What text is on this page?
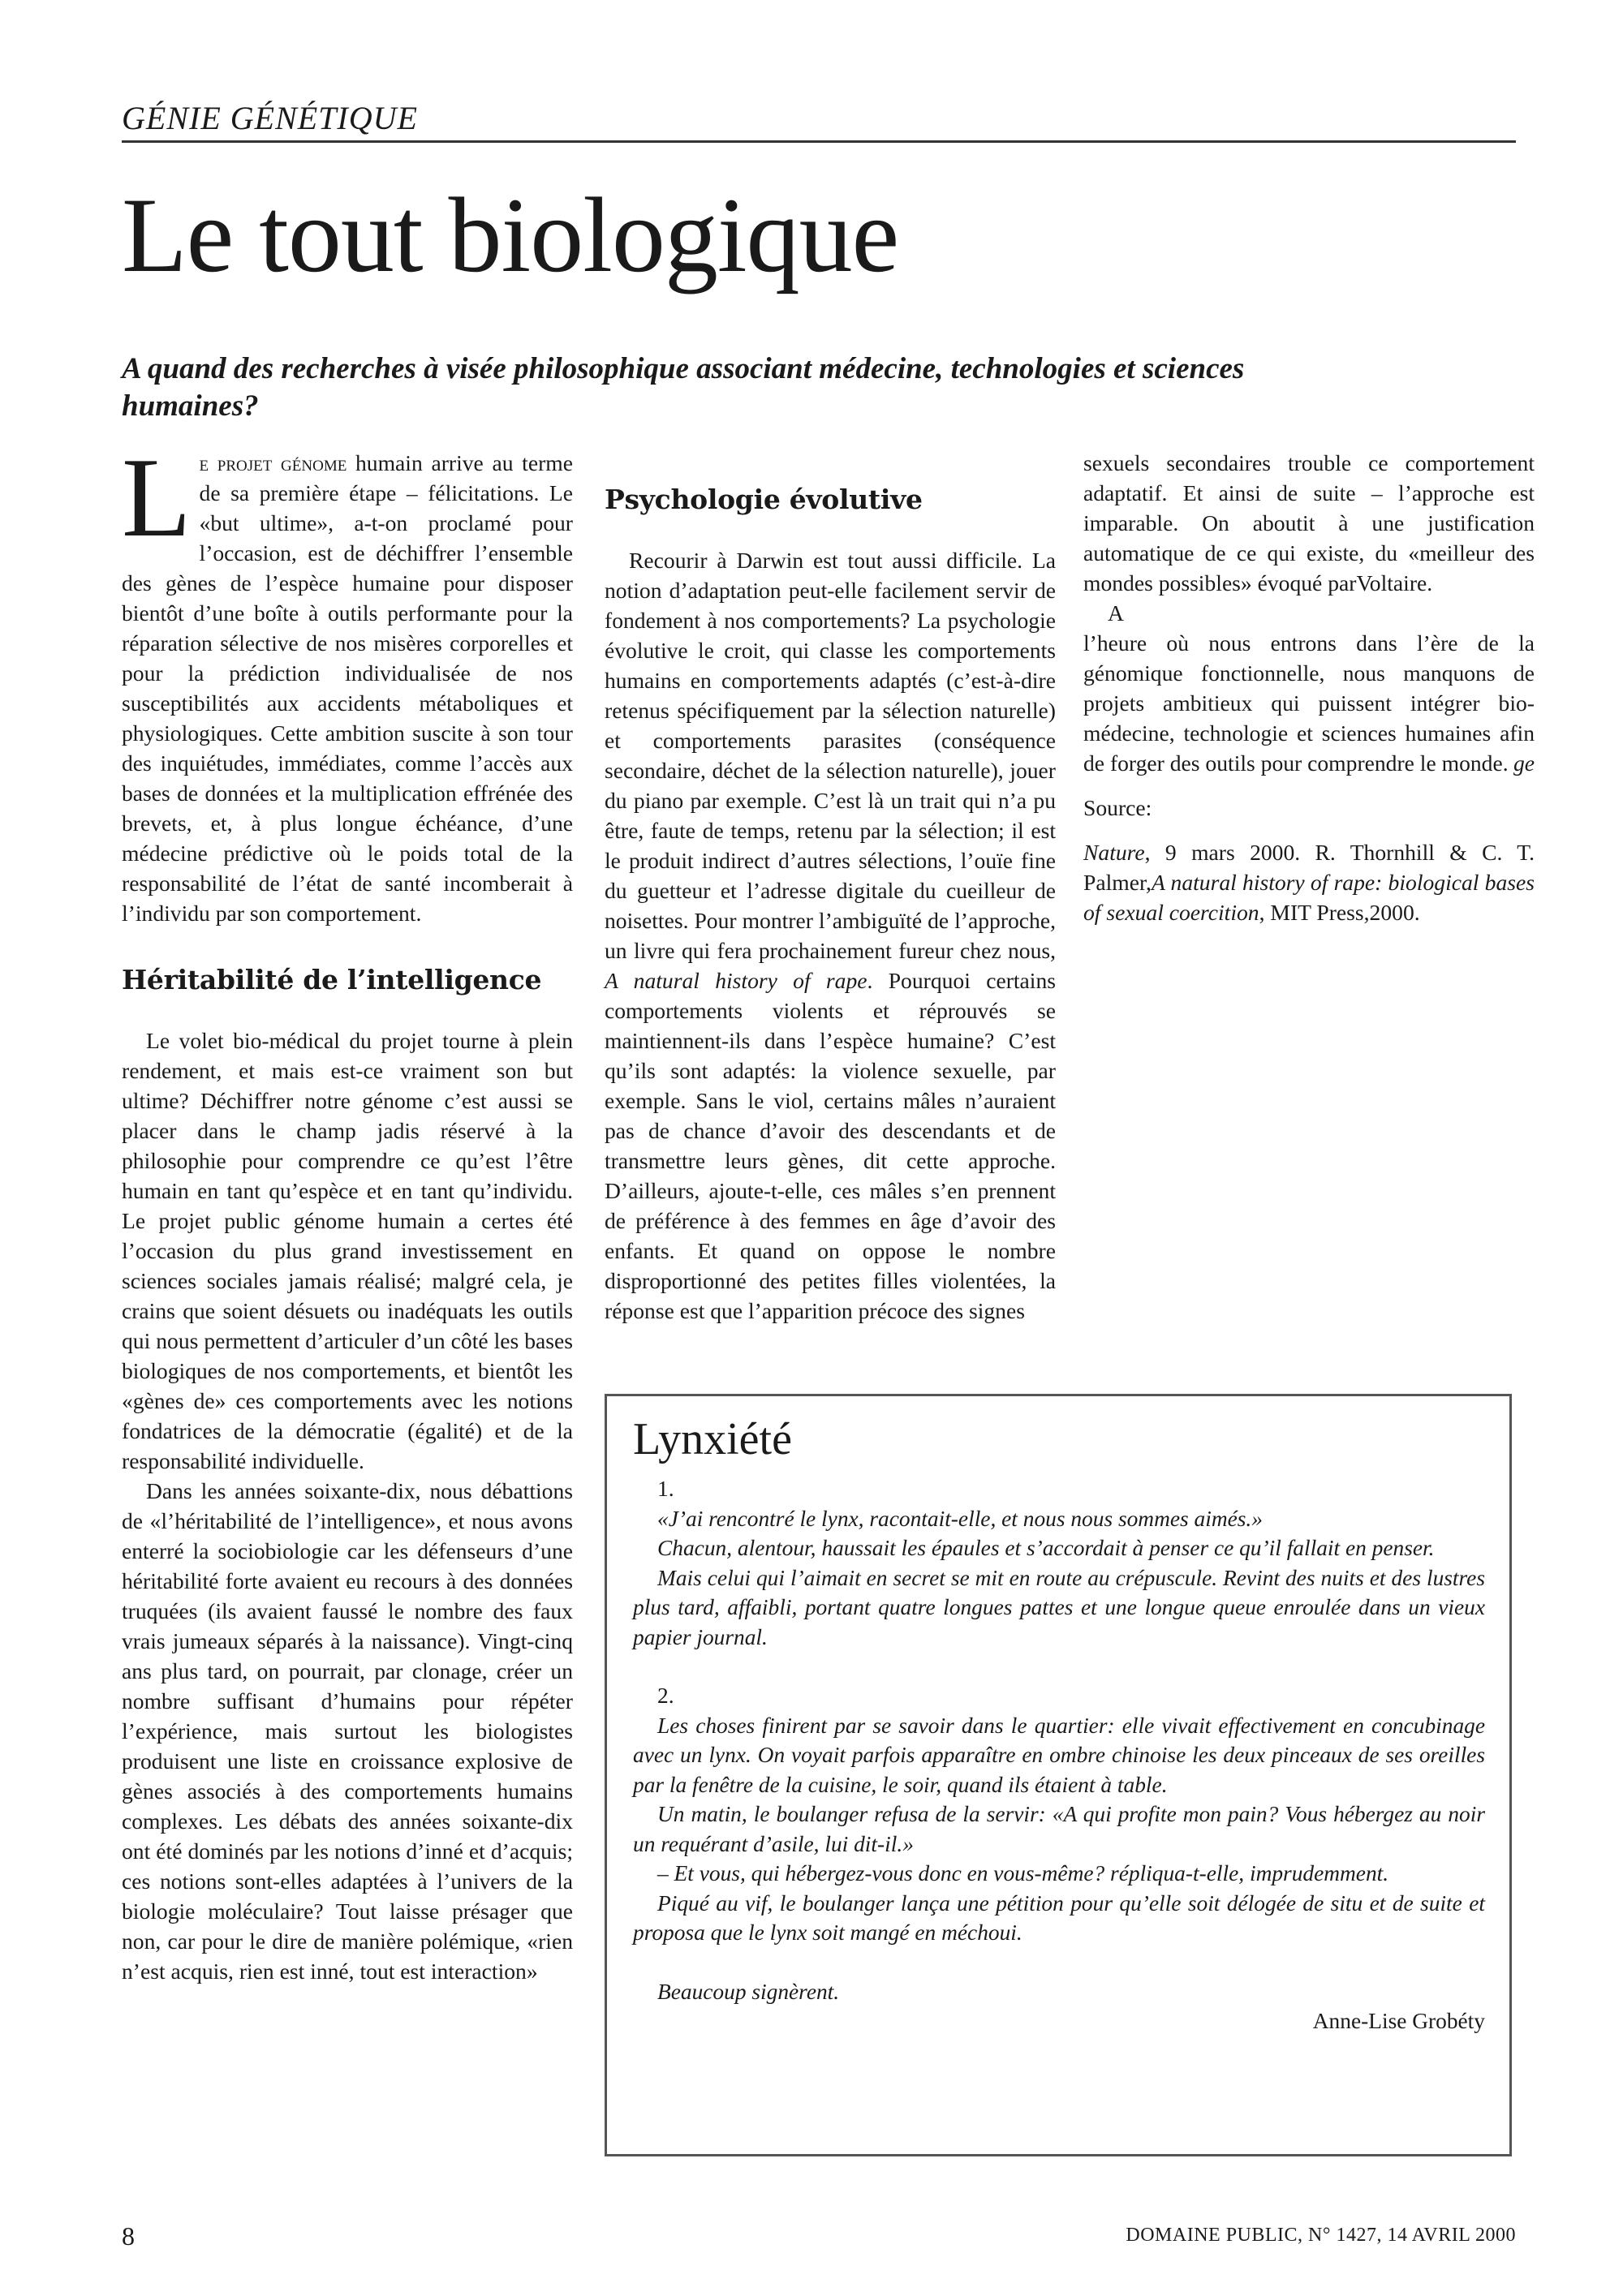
GÉNIE GÉNÉTIQUE
Le tout biologique
A quand des recherches à visée philosophique associant médecine, technologies et sciences humaines?

Le projet génome humain arrive au terme de sa première étape – félicitations. Le «but ultime», a-t-on proclamé pour l’occasion, est de déchiffrer l’ensemble des gènes de l’espèce humaine pour disposer bientôt d’une boîte à outils performante pour la réparation sélective de nos misères corporelles et pour la prédiction individualisée de nos susceptibilités aux accidents métaboliques et physiologiques. Cette ambition suscite à son tour des inquiétudes, immédiates, comme l’accès aux bases de données et la multiplication effrénée des brevets, et, à plus longue échéance, d’une médecine prédictive où le poids total de la responsabilité de l’état de santé incomberait à l’individu par son comportement.

Héritabilité de l’intelligence

Le volet bio-médical du projet tourne à plein rendement, et mais est-ce vraiment son but ultime? Déchiffrer notre génome c’est aussi se placer dans le champ jadis réservé à la philosophie pour comprendre ce qu’est l’être humain en tant qu’espèce et en tant qu’individu. Le projet public génome humain a certes été l’occasion du plus grand investissement en sciences sociales jamais réalisé; malgré cela, je crains que soient désuets ou inadéquats les outils qui nous permettent d’articuler d’un côté les bases biologiques de nos comportements, et bientôt les «gènes de» ces comportements avec les notions fondatrices de la démocratie (égalité) et de la responsabilité individuelle.

Dans les années soixante-dix, nous débattions de «l’héritabilité de l’intelligence», et nous avons enterré la sociobiologie car les défenseurs d’une héritabilité forte avaient eu recours à des données truquées (ils avaient faussé le nombre des faux vrais jumeaux séparés à la naissance). Vingt-cinq ans plus tard, on pourrait, par clonage, créer un nombre suffisant d’humains pour répéter l’expérience, mais surtout les biologistes produisent une liste en croissance explosive de gènes associés à des comportements humains complexes. Les débats des années soixante-dix ont été dominés par les notions d’inné et d’acquis; ces notions sont-elles adaptées à l’univers de la biologie moléculaire? Tout laisse présager que non, car pour le dire de manière polémique, «rien n’est acquis, rien est inné, tout est interaction»

Psychologie évolutive

Recourir à Darwin est tout aussi difficile. La notion d’adaptation peut-elle facilement servir de fondement à nos comportements? La psychologie évolutive le croit, qui classe les comportements humains en comportements adaptés (c’est-à-dire retenus spécifiquement par la sélection naturelle) et comportements parasites (conséquence secondaire, déchet de la sélection naturelle), jouer du piano par exemple. C’est là un trait qui n’a pu être, faute de temps, retenu par la sélection; il est le produit indirect d’autres sélections, l’ouïe fine du guetteur et l’adresse digitale du cueilleur de noisettes. Pour montrer l’ambiguïté de l’approche, un livre qui fera prochainement fureur chez nous, A natural history of rape. Pourquoi certains comportements violents et réprouvés se maintiennent-ils dans l’espèce humaine? C’est qu’ils sont adaptés: la violence sexuelle, par exemple. Sans le viol, certains mâles n’auraient pas de chance d’avoir des descendants et de transmettre leurs gènes, dit cette approche. D’ailleurs, ajoute-t-elle, ces mâles s’en prennent de préférence à des femmes en âge d’avoir des enfants. Et quand on oppose le nombre disproportionné des petites filles violentées, la réponse est que l’apparition précoce des signes

sexuels secondaires trouble ce comportement adaptatif. Et ainsi de suite – l’approche est imparable. On aboutit à une justification automatique de ce qui existe, du «meilleur des mondes possibles» évoqué parVoltaire.

A

l’heure où nous entrons dans l’ère de la génomique fonctionnelle, nous manquons de projets ambitieux qui puissent intégrer bio-médecine, technologie et sciences humaines afin de forger des outils pour comprendre le monde. ge

Source:

Nature, 9 mars 2000. R. Thornhill & C. T. Palmer,A natural history of rape: biological bases of sexual coercition, MIT Press,2000.

Lynxiété

1.

«J’ai rencontré le lynx, racontait-elle, et nous nous sommes aimés.»

Chacun, alentour, haussait les épaules et s’accordait à penser ce qu’il fallait en penser.

Mais celui qui l’aimait en secret se mit en route au crépuscule. Revint des nuits et des lustres plus tard, affaibli, portant quatre longues pattes et une longue queue enroulée dans un vieux papier journal.

2.

Les choses finirent par se savoir dans le quartier: elle vivait effectivement en concubinage avec un lynx. On voyait parfois apparaître en ombre chinoise les deux pinceaux de ses oreilles par la fenêtre de la cuisine, le soir, quand ils étaient à table.

Un matin, le boulanger refusa de la servir: «A qui profite mon pain? Vous hébergez au noir un requérant d’asile, lui dit-il.»

– Et vous, qui hébergez-vous donc en vous-même? répliqua-t-elle, imprudemment.

Piqué au vif, le boulanger lança une pétition pour qu’elle soit délogée de situ et de suite et proposa que le lynx soit mangé en méchoui.

Beaucoup signèrent.

Anne-Lise Grobéty

8	DOMAINE PUBLIC, N° 1427, 14 AVRIL 2000
